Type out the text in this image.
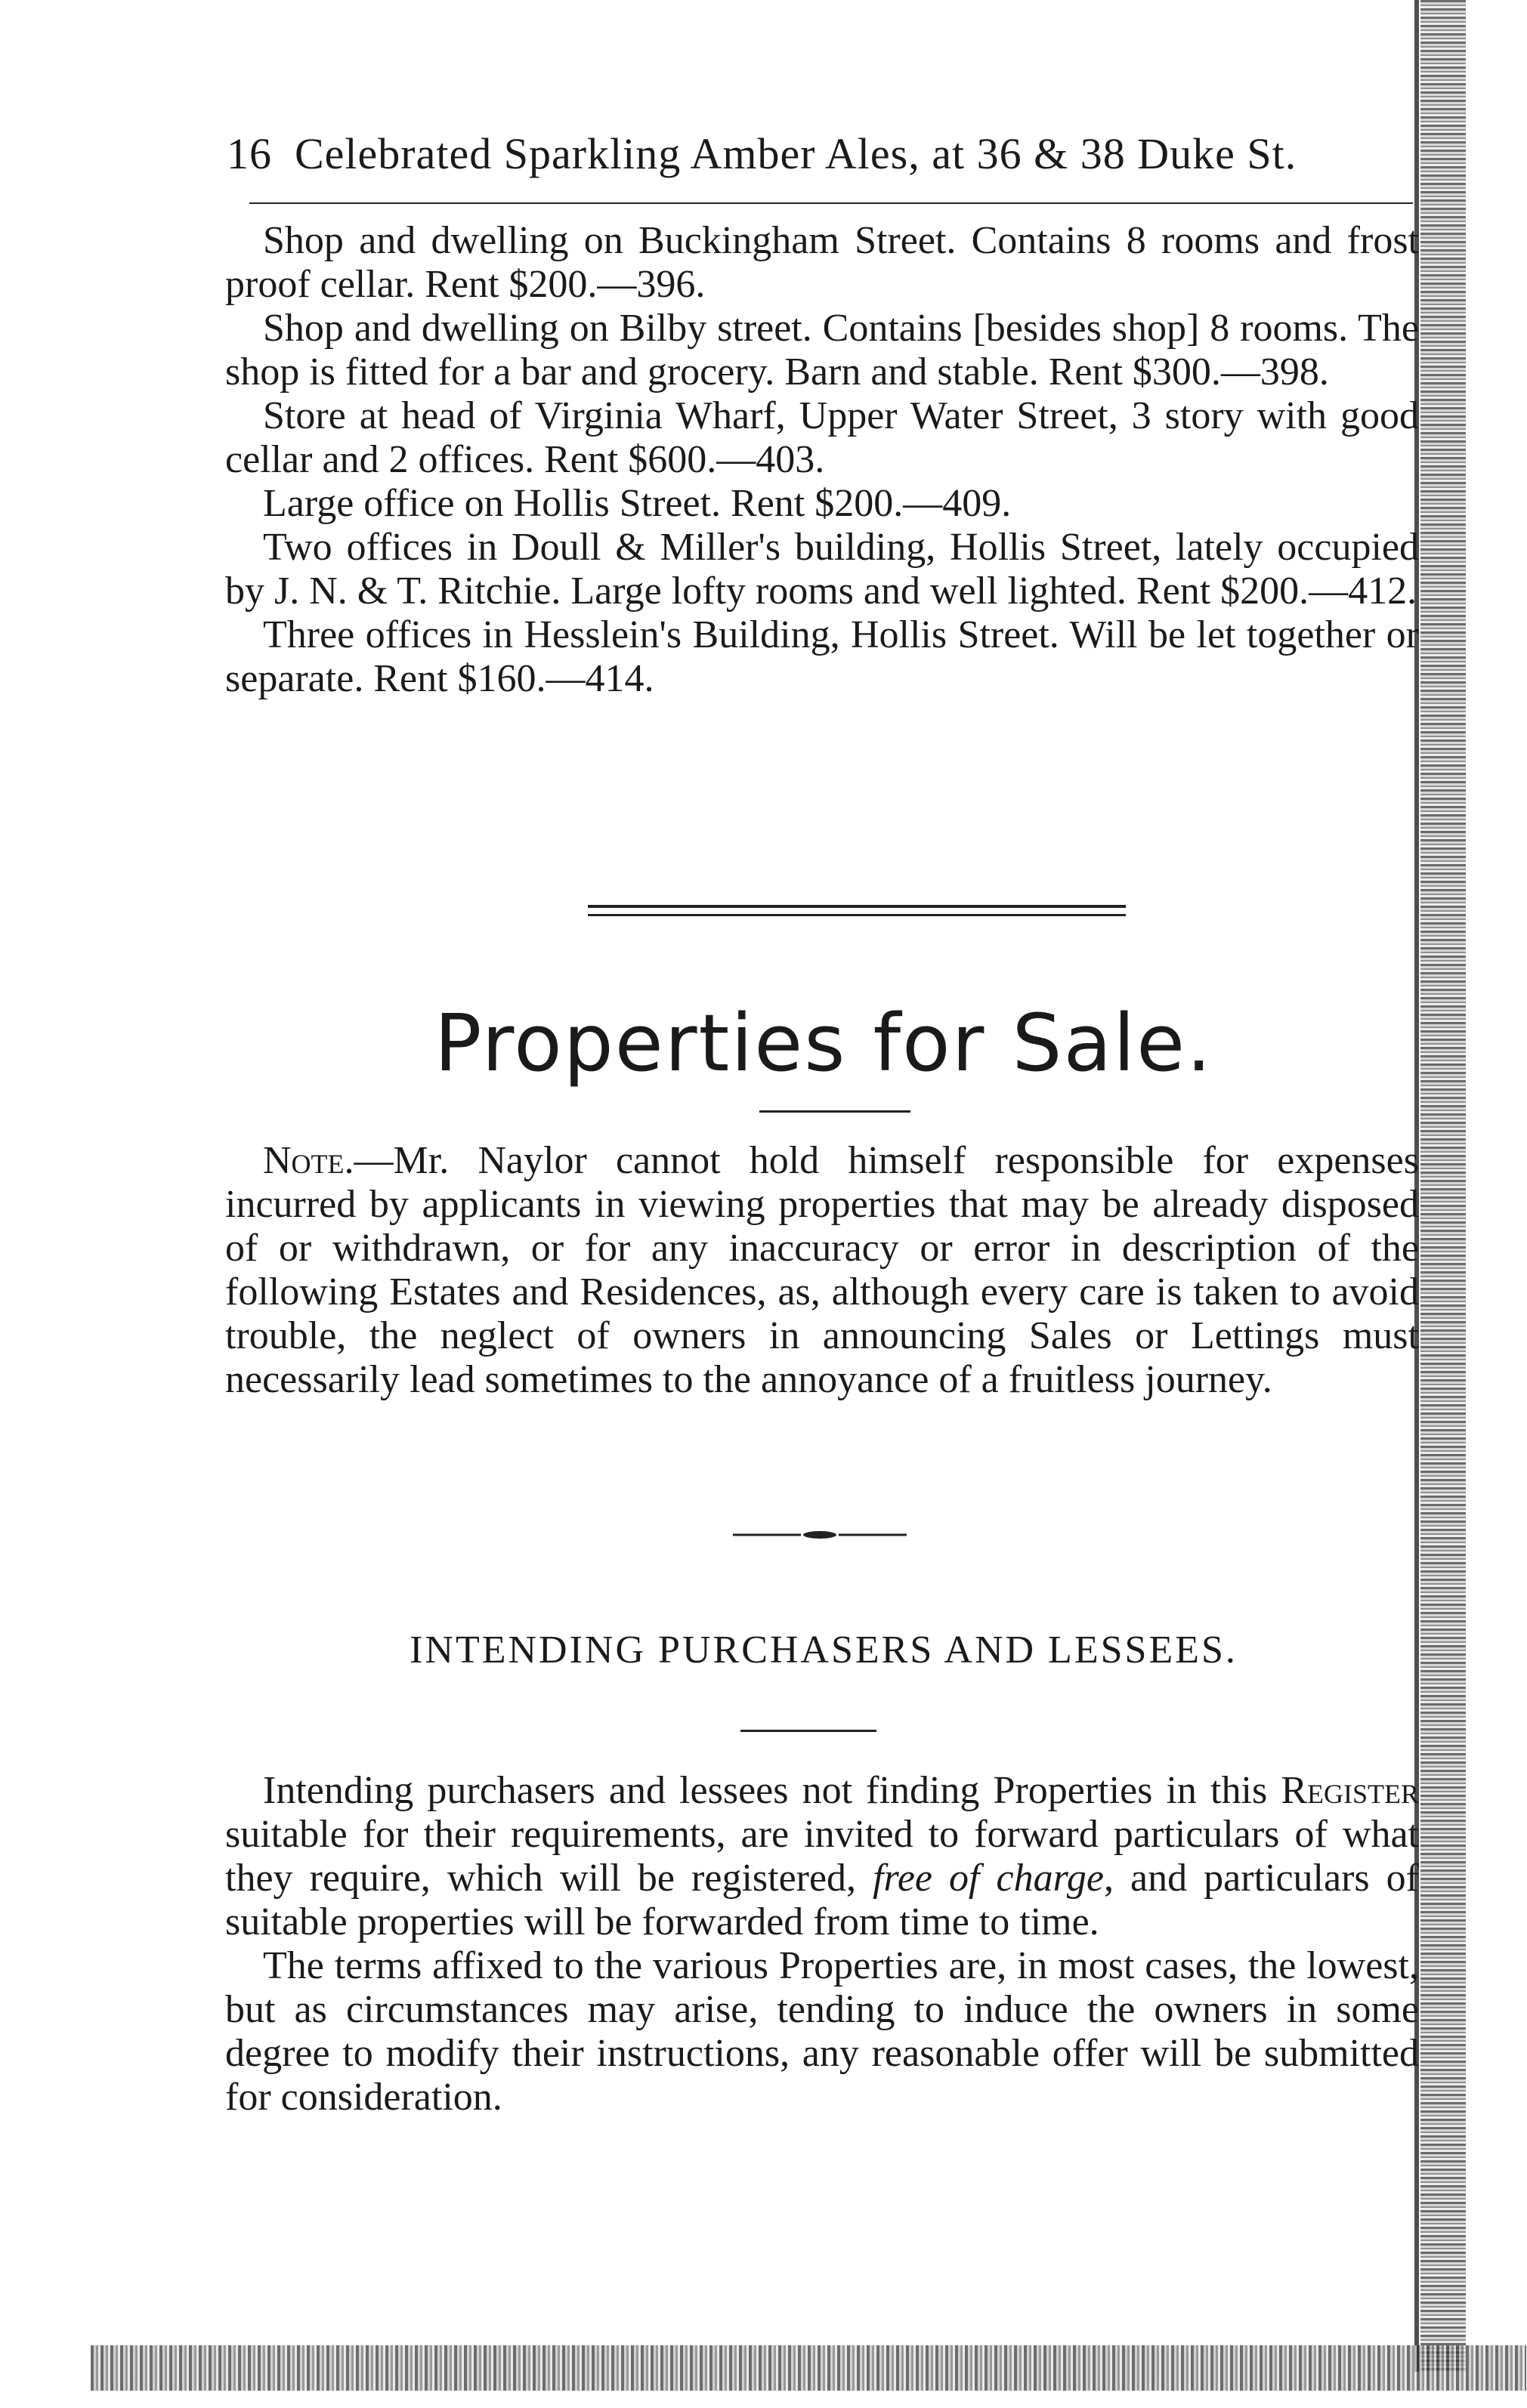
16 Celebrated Sparkling Amber Ales, at 36 & 38 Duke St.

Shop and dwelling on Buckingham Street. Contains 8 rooms and frost proof cellar. Rent $200.—396.

Shop and dwelling on Bilby street. Contains [besides shop] 8 rooms. The shop is fitted for a bar and grocery. Barn and stable. Rent $300.—398.

Store at head of Virginia Wharf, Upper Water Street, 3 story with good cellar and 2 offices. Rent $600.—403.

Large office on Hollis Street. Rent $200.—409.

Two offices in Doull & Miller's building, Hollis Street, lately occupied by J. N. & T. Ritchie. Large lofty rooms and well lighted. Rent $200.—412.

Three offices in Hesslein's Building, Hollis Street. Will be let together or separate. Rent $160.—414.

Properties for Sale.

Note.—Mr. Naylor cannot hold himself responsible for expenses incurred by applicants in viewing properties that may be already disposed of or withdrawn, or for any inaccuracy or error in description of the following Estates and Residences, as, although every care is taken to avoid trouble, the neglect of owners in announcing Sales or Lettings must necessarily lead sometimes to the annoyance of a fruitless journey.

INTENDING PURCHASERS AND LESSEES.

Intending purchasers and lessees not finding Properties in this Register suitable for their requirements, are invited to forward particulars of what they require, which will be registered, free of charge, and particulars of suitable properties will be forwarded from time to time.

The terms affixed to the various Properties are, in most cases, the lowest, but as circumstances may arise, tending to induce the owners in some degree to modify their instructions, any reasonable offer will be submitted for consideration.
